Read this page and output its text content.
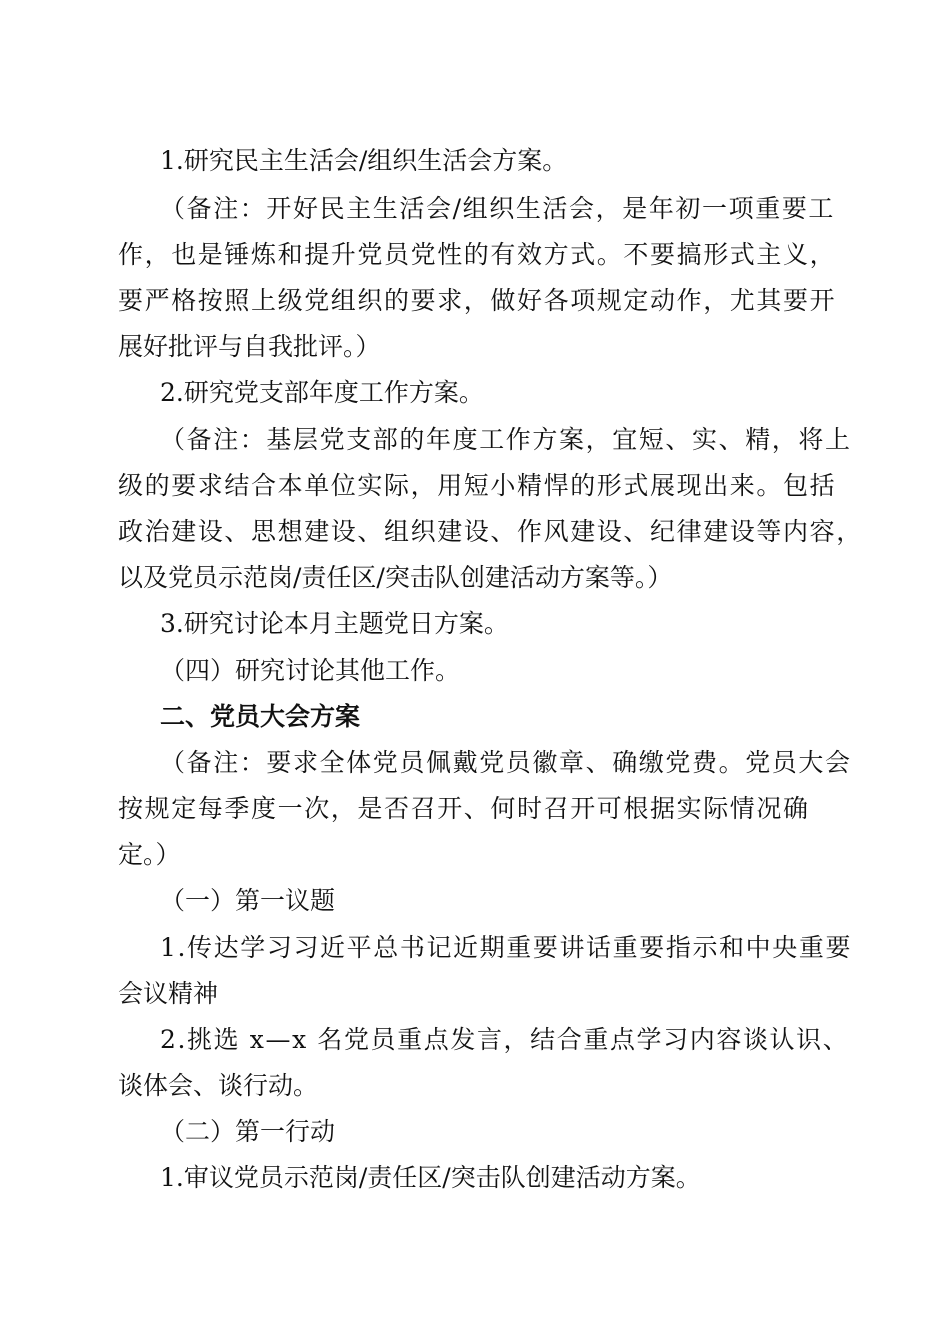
1.研究民主生活会/组织生活会方案。
（备注：开好民主生活会/组织生活会，是年初一项重要工
作，也是锤炼和提升党员党性的有效方式。不要搞形式主义，
要严格按照上级党组织的要求，做好各项规定动作，尤其要开
展好批评与自我批评。）
2.研究党支部年度工作方案。
（备注：基层党支部的年度工作方案，宜短、实、精，将上
级的要求结合本单位实际，用短小精悍的形式展现出来。包括
政治建设、思想建设、组织建设、作风建设、纪律建设等内容，
以及党员示范岗/责任区/突击队创建活动方案等。）
3.研究讨论本月主题党日方案。
（四）研究讨论其他工作。
二、党员大会方案
（备注：要求全体党员佩戴党员徽章、确缴党费。党员大会
按规定每季度一次，是否召开、何时召开可根据实际情况确
定。）
（一）第一议题
1.传达学习习近平总书记近期重要讲话重要指示和中央重要
会议精神
2.挑选 x—x 名党员重点发言，结合重点学习内容谈认识、
谈体会、谈行动。
（二）第一行动
1.审议党员示范岗/责任区/突击队创建活动方案。
